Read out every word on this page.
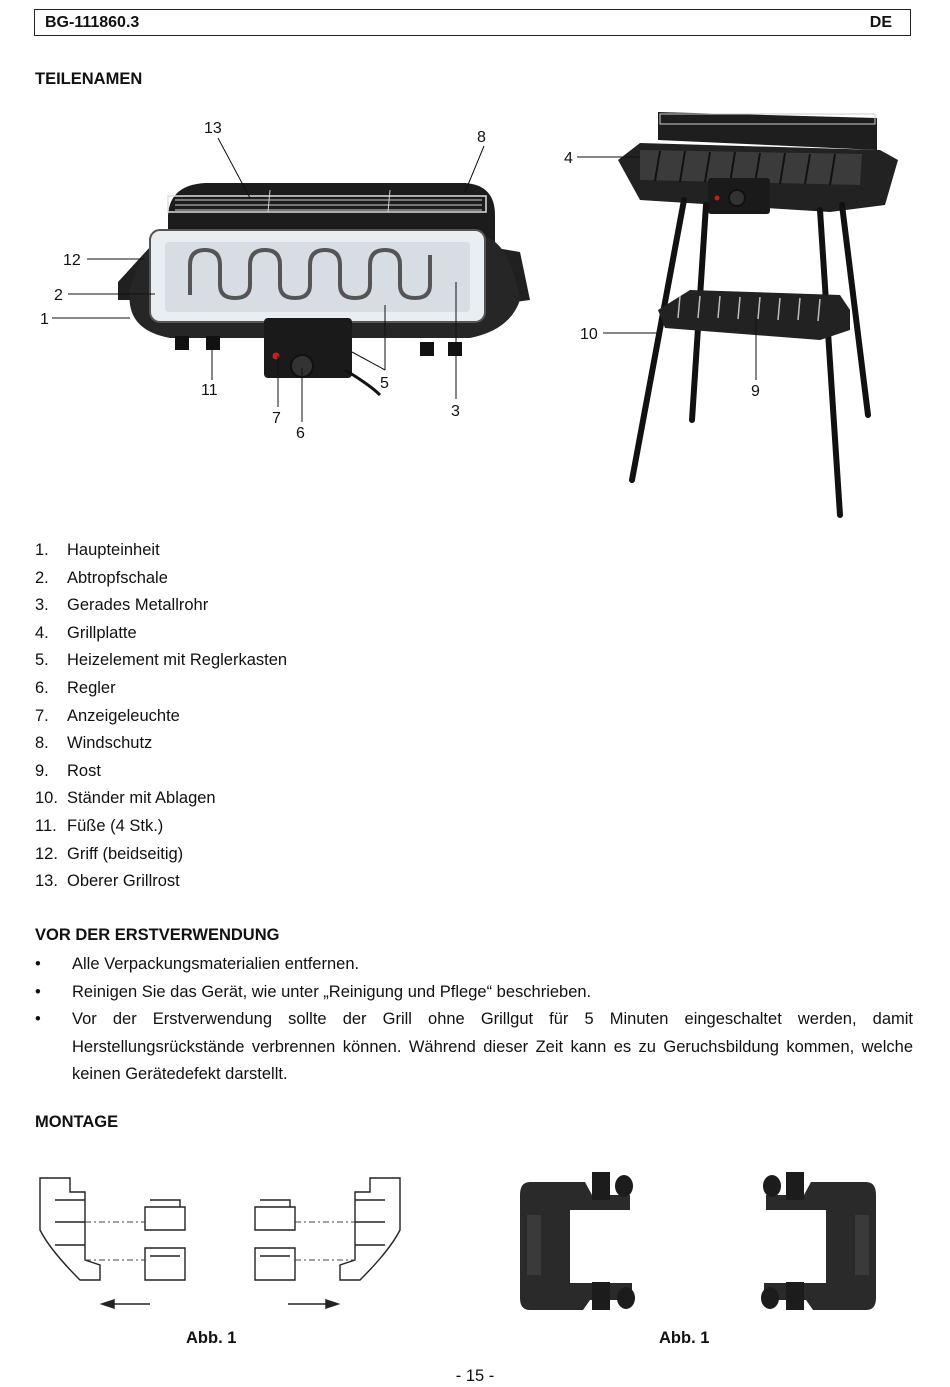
BG-111860.3	DE
TEILENAMEN
13
8
12
2
1
11
7
6
5
3
4
10
9
1. Haupteinheit
2. Abtropfschale
3. Gerades Metallrohr
4. Grillplatte
5. Heizelement mit Reglerkasten
6. Regler
7. Anzeigeleuchte
8. Windschutz
9. Rost
10. Ständer mit Ablagen
11. Füße (4 Stk.)
12. Griff (beidseitig)
13. Oberer Grillrost
VOR DER ERSTVERWENDUNG
• Alle Verpackungsmaterialien entfernen.
• Reinigen Sie das Gerät, wie unter „Reinigung und Pflege“ beschrieben.
• Vor der Erstverwendung sollte der Grill ohne Grillgut für 5 Minuten eingeschaltet werden, damit Herstellungsrückstände verbrennen können. Während dieser Zeit kann es zu Geruchsbildung kommen, welche keinen Gerätedefekt darstellt.
MONTAGE
Abb. 1	Abb. 1
- 15 -
